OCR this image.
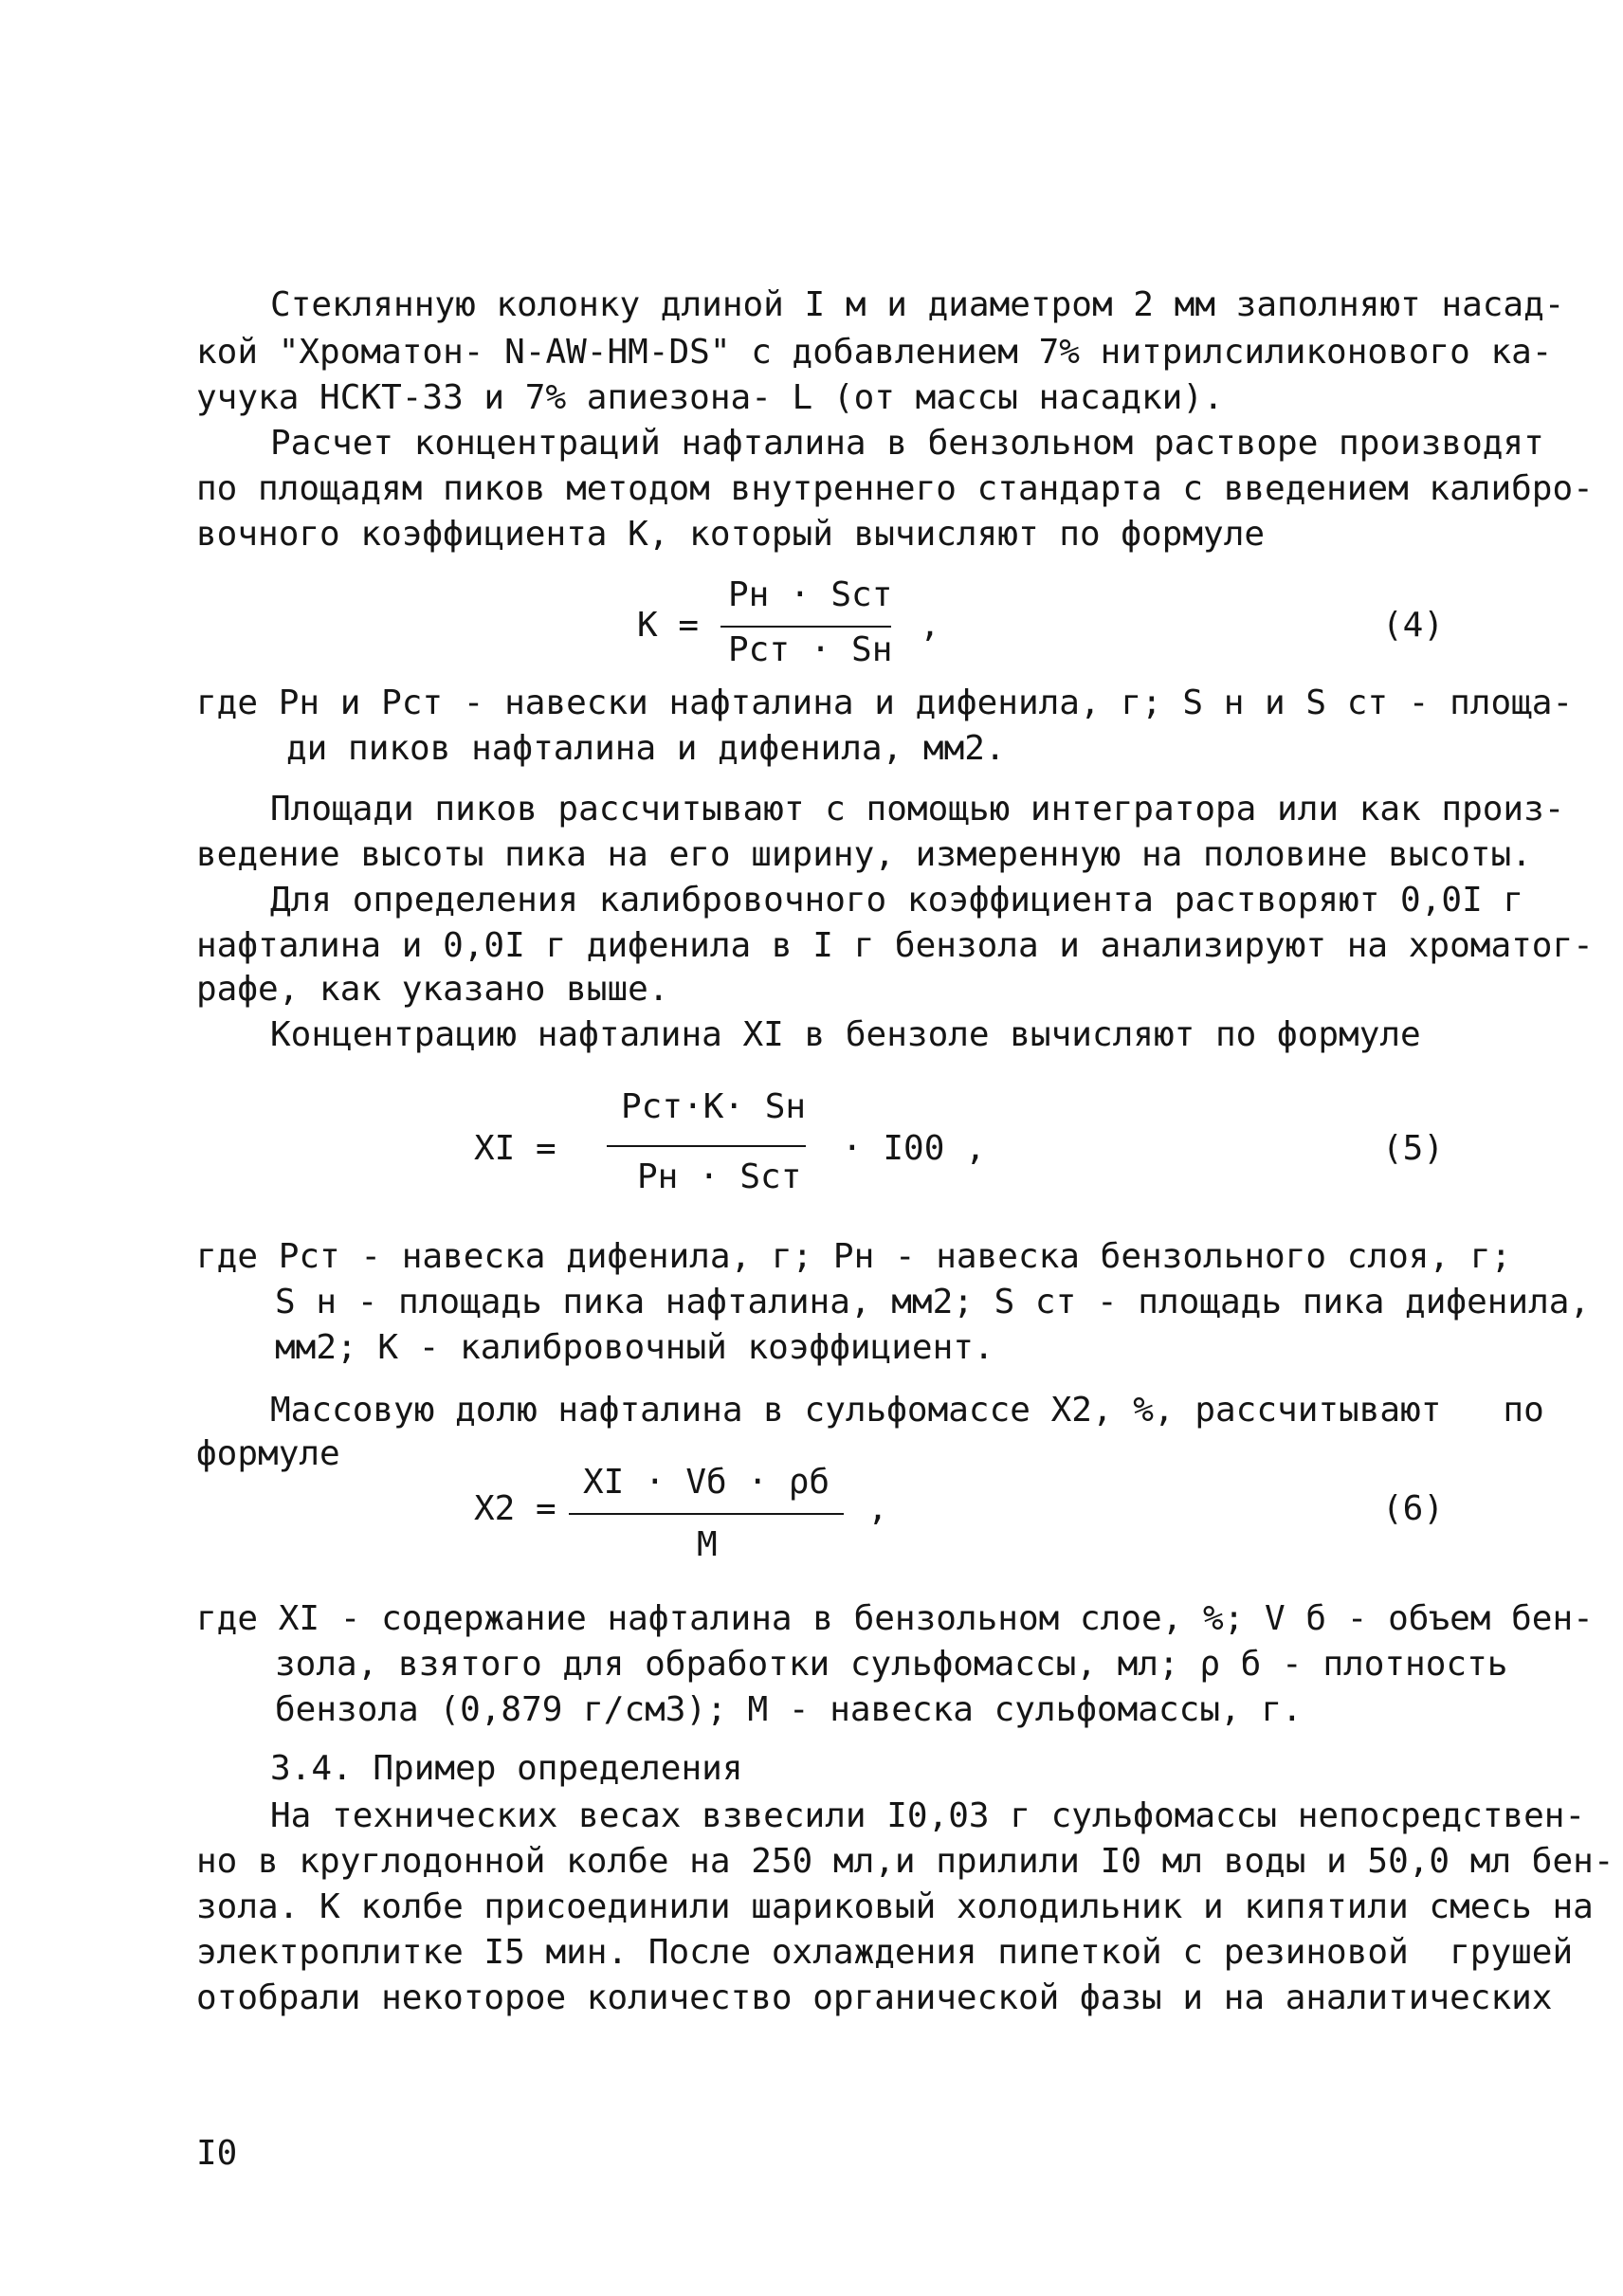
Стеклянную колонку длиной I м и диаметром 2 мм заполняют насад-
кой "Хроматон- N-AW-HM-DS" с добавлением 7% нитрилсиликонового ка-
учука НСКТ-33 и 7% апиезона- L (от массы насадки).
Расчет концентраций нафталина в бензольном растворе производят
по площадям пиков методом внутреннего стандарта с введением калибро-
вочного коэффициента К, который вычисляют по формуле
К =
Pн · Sст
Pст · Sн
,	(4)
где Pн и Pст - навески нафталина и дифенила, г; S н и S ст - площа-
ди пиков нафталина и дифенила, мм2.
Площади пиков рассчитывают с помощью интегратора или как произ-
ведение высоты пика на его ширину, измеренную на половине высоты.
Для определения калибровочного коэффициента растворяют 0,0I г
нафталина и 0,0I г дифенила в I г бензола и анализируют на хроматог-
рафе, как указано выше.
Концентрацию нафталина XI в бензоле вычисляют по формуле
XI =
Pст·К· Sн
Pн · Sст
· I00 ,	(5)
где Pст - навеска дифенила, г; Pн - навеска бензольного слоя, г;
S н - площадь пика нафталина, мм2; S ст - площадь пика дифенила,
мм2; К - калибровочный коэффициент.
Массовую долю нафталина в сульфомассе X2, %, рассчитывают   по
формуле
X2 =
XI · Vб · ρб
М
,	(6)
где XI - содержание нафталина в бензольном слое, %; V б - объем бен-
зола, взятого для обработки сульфомассы, мл; ρ б - плотность
бензола (0,879 г/см3); М - навеска сульфомассы, г.
3.4. Пример определения
На технических весах взвесили I0,03 г сульфомассы непосредствен-
но в круглодонной колбе на 250 мл,и прилили I0 мл воды и 50,0 мл бен-
зола. К колбе присоединили шариковый холодильник и кипятили смесь на
электроплитке I5 мин. После охлаждения пипеткой с резиновой  грушей
отобрали некоторое количество органической фазы и на аналитических
I0
